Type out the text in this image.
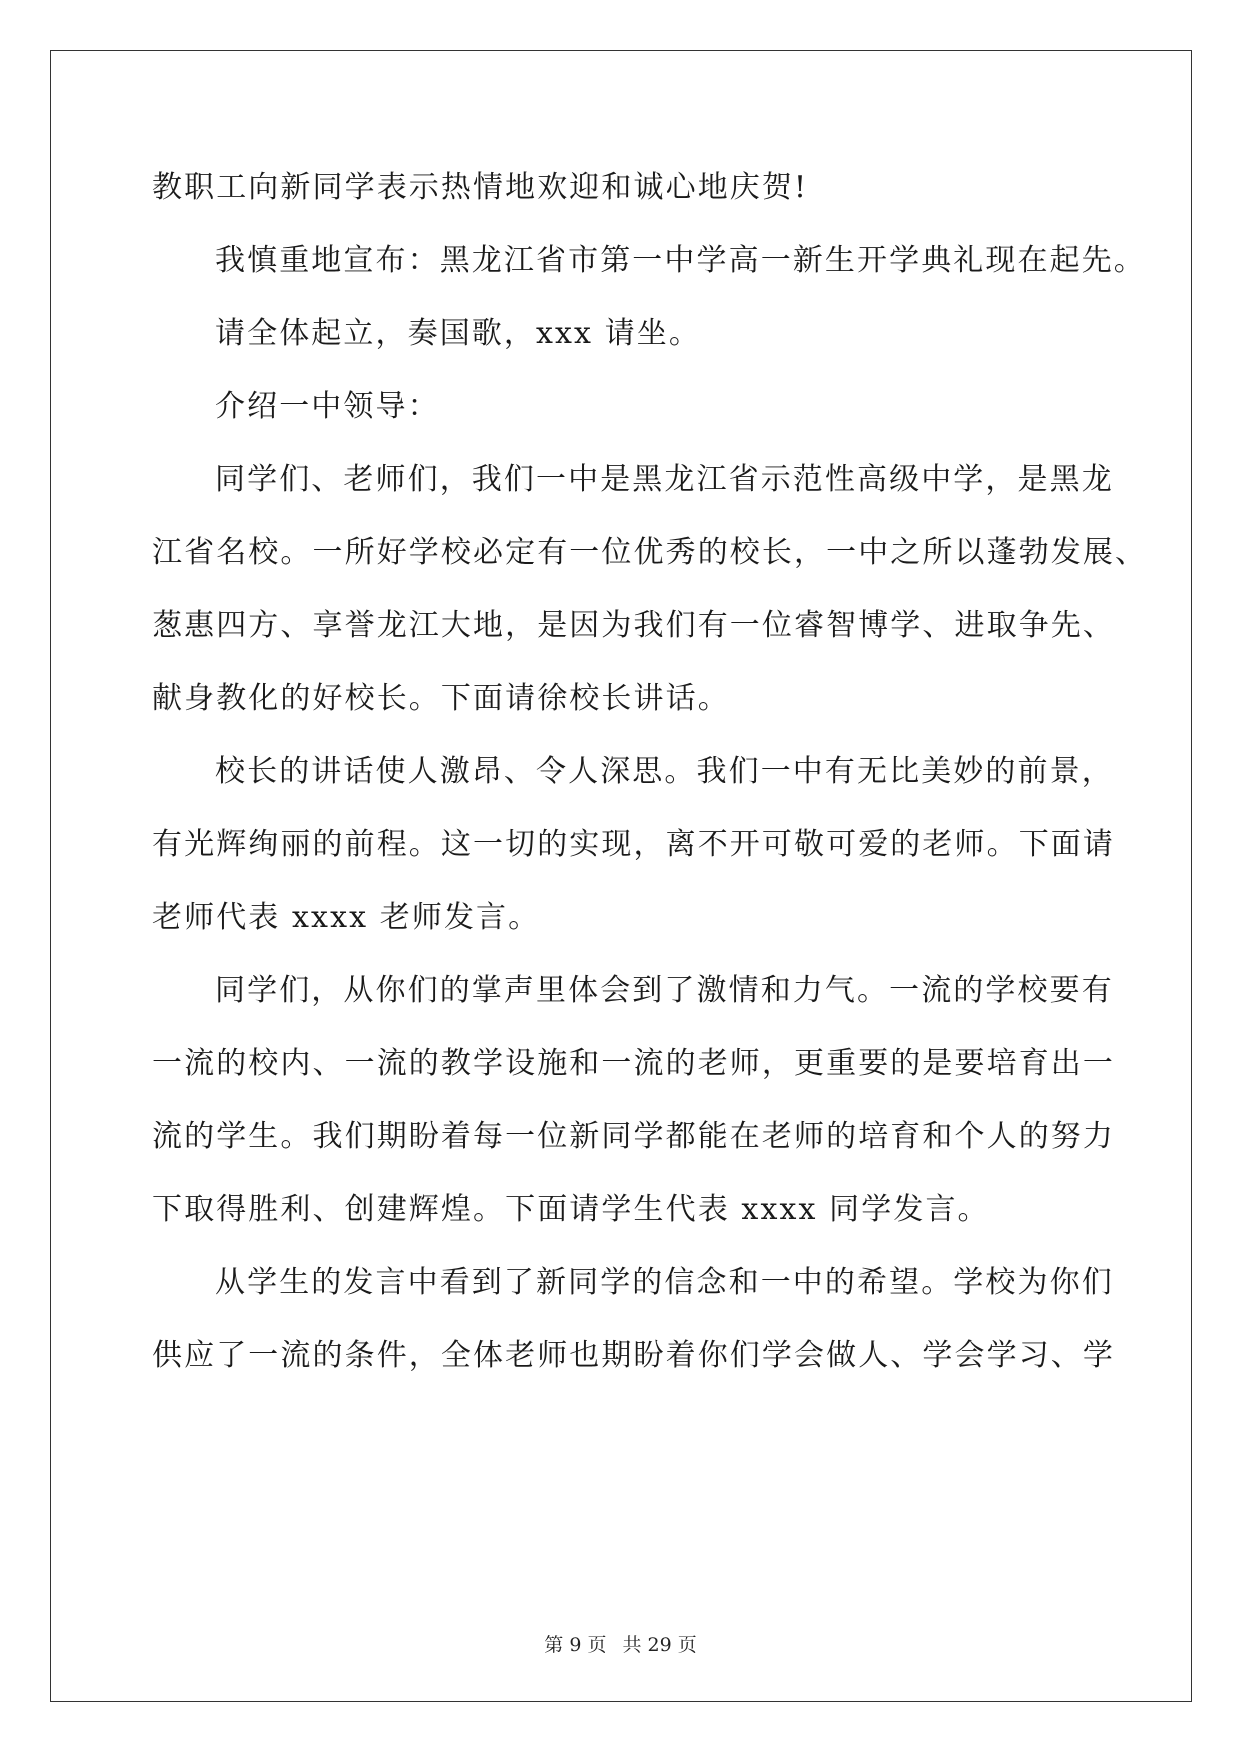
教职工向新同学表示热情地欢迎和诚心地庆贺!
我慎重地宣布：黑龙江省市第一中学高一新生开学典礼现在起先。
请全体起立，奏国歌，xxx 请坐。
介绍一中领导：
同学们、老师们，我们一中是黑龙江省示范性高级中学，是黑龙
江省名校。一所好学校必定有一位优秀的校长，一中之所以蓬勃发展、
葱惠四方、享誉龙江大地，是因为我们有一位睿智博学、进取争先、
献身教化的好校长。下面请徐校长讲话。
校长的讲话使人激昂、令人深思。我们一中有无比美妙的前景，
有光辉绚丽的前程。这一切的实现，离不开可敬可爱的老师。下面请
老师代表 xxxx 老师发言。
同学们，从你们的掌声里体会到了激情和力气。一流的学校要有
一流的校内、一流的教学设施和一流的老师，更重要的是要培育出一
流的学生。我们期盼着每一位新同学都能在老师的培育和个人的努力
下取得胜利、创建辉煌。下面请学生代表 xxxx 同学发言。
从学生的发言中看到了新同学的信念和一中的希望。学校为你们
供应了一流的条件，全体老师也期盼着你们学会做人、学会学习、学
第 9 页 共 29 页
